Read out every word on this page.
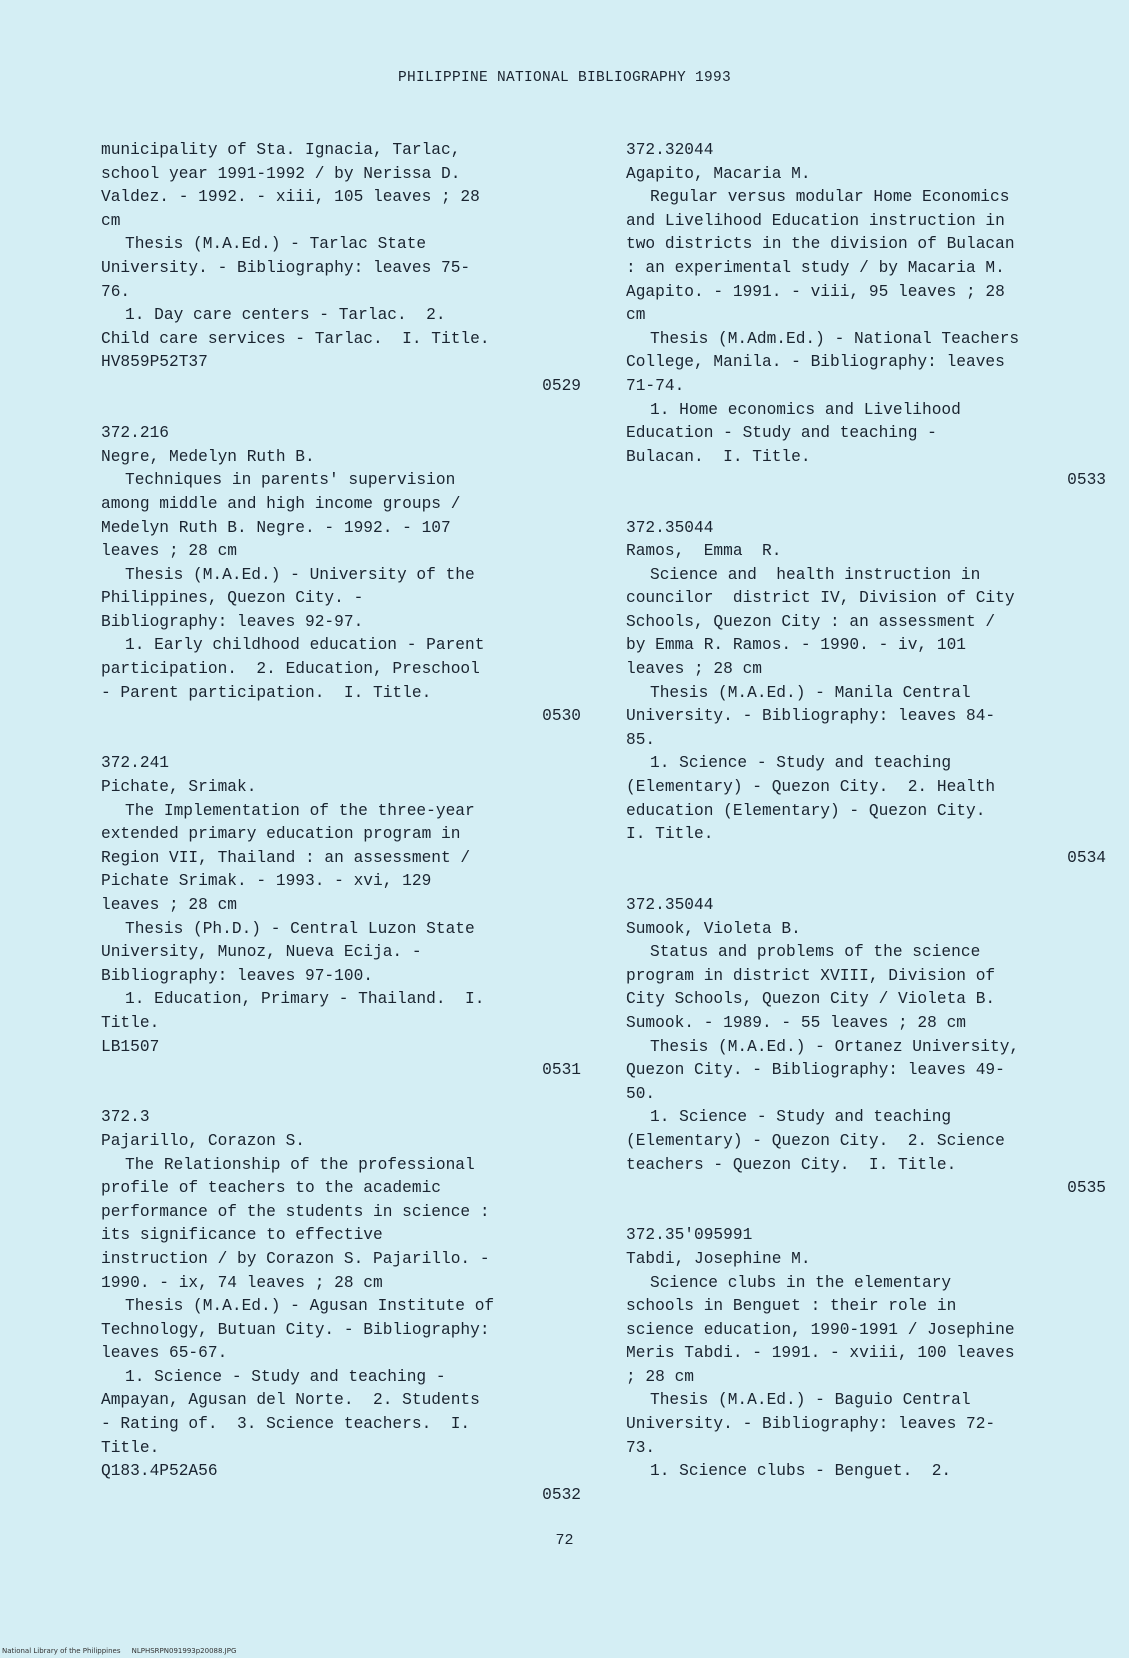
PHILIPPINE NATIONAL BIBLIOGRAPHY 1993
municipality of Sta. Ignacia, Tarlac,
school year 1991-1992 / by Nerissa D.
Valdez. - 1992. - xiii, 105 leaves ; 28
cm
Thesis (M.A.Ed.) - Tarlac State
University. - Bibliography: leaves 75-
76.
1. Day care centers - Tarlac.  2.
Child care services - Tarlac.  I. Title.
HV859P52T37
0529
372.216
Negre, Medelyn Ruth B.
Techniques in parents' supervision
among middle and high income groups /
Medelyn Ruth B. Negre. - 1992. - 107
leaves ; 28 cm
Thesis (M.A.Ed.) - University of the
Philippines, Quezon City. -
Bibliography: leaves 92-97.
1. Early childhood education - Parent
participation.  2. Education, Preschool
- Parent participation.  I. Title.
0530
372.241
Pichate, Srimak.
The Implementation of the three-year
extended primary education program in
Region VII, Thailand : an assessment /
Pichate Srimak. - 1993. - xvi, 129
leaves ; 28 cm
Thesis (Ph.D.) - Central Luzon State
University, Munoz, Nueva Ecija. -
Bibliography: leaves 97-100.
1. Education, Primary - Thailand.  I.
Title.
LB1507
0531
372.3
Pajarillo, Corazon S.
The Relationship of the professional
profile of teachers to the academic
performance of the students in science :
its significance to effective
instruction / by Corazon S. Pajarillo. -
1990. - ix, 74 leaves ; 28 cm
Thesis (M.A.Ed.) - Agusan Institute of
Technology, Butuan City. - Bibliography:
leaves 65-67.
1. Science - Study and teaching -
Ampayan, Agusan del Norte.  2. Students
- Rating of.  3. Science teachers.  I.
Title.
Q183.4P52A56
0532
372.32044
Agapito, Macaria M.
Regular versus modular Home Economics
and Livelihood Education instruction in
two districts in the division of Bulacan
: an experimental study / by Macaria M.
Agapito. - 1991. - viii, 95 leaves ; 28
cm
Thesis (M.Adm.Ed.) - National Teachers
College, Manila. - Bibliography: leaves
71-74.
1. Home economics and Livelihood
Education - Study and teaching -
Bulacan.  I. Title.
0533
372.35044
Ramos,  Emma  R.
Science and  health instruction in
councilor  district IV, Division of City
Schools, Quezon City : an assessment /
by Emma R. Ramos. - 1990. - iv, 101
leaves ; 28 cm
Thesis (M.A.Ed.) - Manila Central
University. - Bibliography: leaves 84-
85.
1. Science - Study and teaching
(Elementary) - Quezon City.  2. Health
education (Elementary) - Quezon City.
I. Title.
0534
372.35044
Sumook, Violeta B.
Status and problems of the science
program in district XVIII, Division of
City Schools, Quezon City / Violeta B.
Sumook. - 1989. - 55 leaves ; 28 cm
Thesis (M.A.Ed.) - Ortanez University,
Quezon City. - Bibliography: leaves 49-
50.
1. Science - Study and teaching
(Elementary) - Quezon City.  2. Science
teachers - Quezon City.  I. Title.
0535
372.35'095991
Tabdi, Josephine M.
Science clubs in the elementary
schools in Benguet : their role in
science education, 1990-1991 / Josephine
Meris Tabdi. - 1991. - xviii, 100 leaves
; 28 cm
Thesis (M.A.Ed.) - Baguio Central
University. - Bibliography: leaves 72-
73.
1. Science clubs - Benguet.  2.
72
National Library of the Philippines     NLPHSRPN091993p20088.JPG
